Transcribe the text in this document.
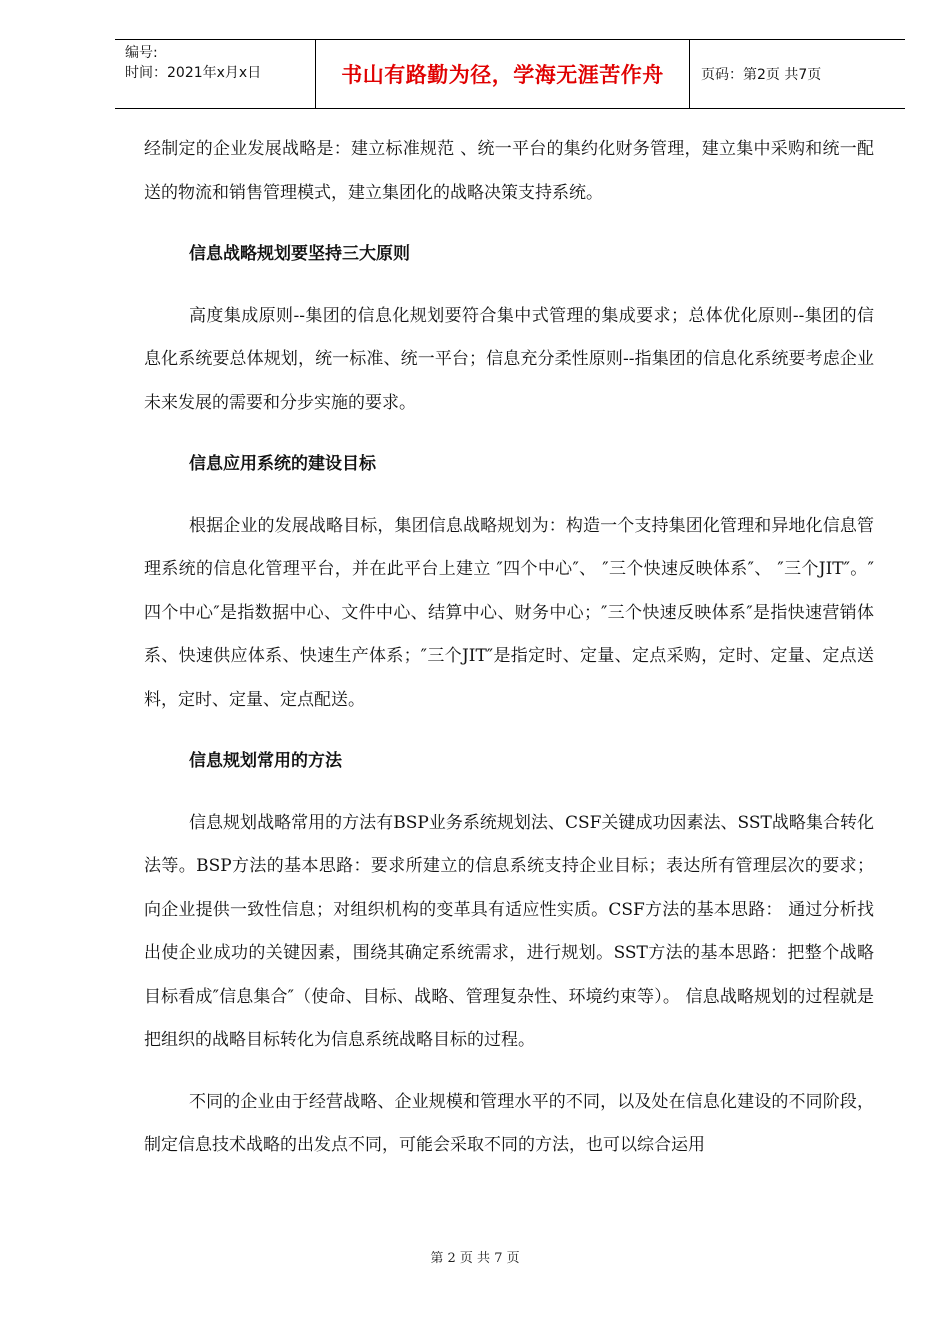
编号:
时间：2021年x月x日	书山有路勤为径，学海无涯苦作舟	页码：第2页 共7页

经制定的企业发展战略是：建立标准规范 、统一平台的集约化财务管理，建立集中采购和统一配送的物流和销售管理模式，建立集团化的战略决策支持系统。

信息战略规划要坚持三大原则

高度集成原则--集团的信息化规划要符合集中式管理的集成要求；总体优化原则--集团的信息化系统要总体规划，统一标准、统一平台；信息充分柔性原则--指集团的信息化系统要考虑企业未来发展的需要和分步实施的要求。

信息应用系统的建设目标

根据企业的发展战略目标，集团信息战略规划为：构造一个支持集团化管理和异地化信息管理系统的信息化管理平台，并在此平台上建立 ″四个中心″、 ″三个快速反映体系″、 ″三个JIT″。″四个中心″是指数据中心、文件中心、结算中心、财务中心；″三个快速反映体系″是指快速营销体系、快速供应体系、快速生产体系；″三个JIT″是指定时、定量、定点采购，定时、定量、定点送料，定时、定量、定点配送。

信息规划常用的方法

信息规划战略常用的方法有BSP业务系统规划法、CSF关键成功因素法、SST战略集合转化法等。BSP方法的基本思路：要求所建立的信息系统支持企业目标；表达所有管理层次的要求；向企业提供一致性信息；对组织机构的变革具有适应性实质。CSF方法的基本思路： 通过分析找出使企业成功的关键因素，围绕其确定系统需求，进行规划。SST方法的基本思路：把整个战略目标看成″信息集合″（使命、目标、战略、管理复杂性、环境约束等）。 信息战略规划的过程就是把组织的战略目标转化为信息系统战略目标的过程。

不同的企业由于经营战略、企业规模和管理水平的不同，以及处在信息化建设的不同阶段，制定信息技术战略的出发点不同，可能会采取不同的方法，也可以综合运用

第 2 页 共 7 页
